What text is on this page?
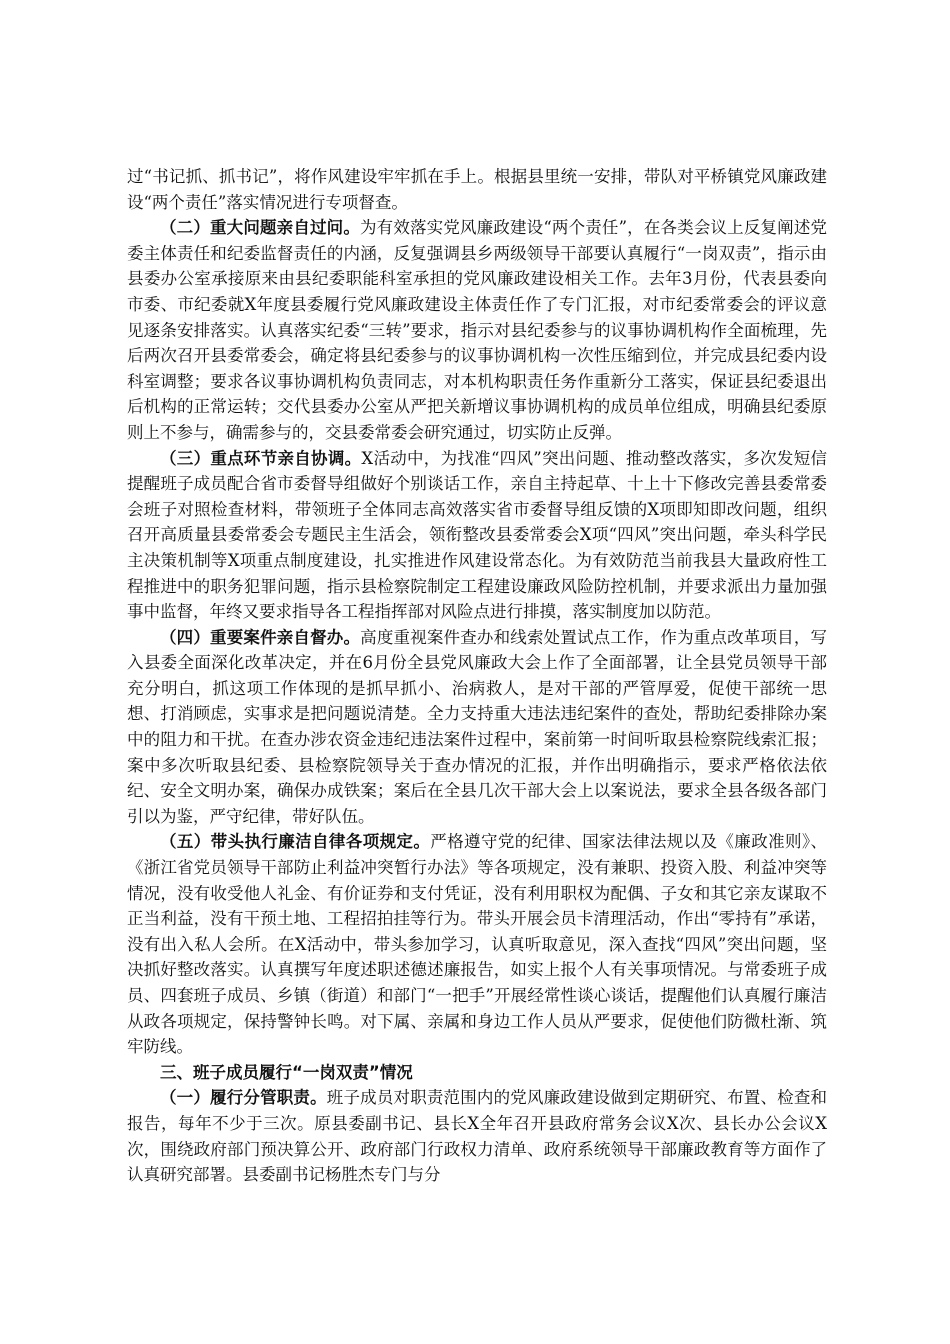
过“书记抓、抓书记”，将作风建设牢牢抓在手上。根据县里统一安排，带队对平桥镇党风廉政建设“两个责任”落实情况进行专项督查。

（二）重大问题亲自过问。为有效落实党风廉政建设“两个责任”，在各类会议上反复阐述党委主体责任和纪委监督责任的内涵，反复强调县乡两级领导干部要认真履行“一岗双责”，指示由县委办公室承接原来由县纪委职能科室承担的党风廉政建设相关工作。去年3月份，代表县委向市委、市纪委就X年度县委履行党风廉政建设主体责任作了专门汇报，对市纪委常委会的评议意见逐条安排落实。认真落实纪委“三转”要求，指示对县纪委参与的议事协调机构作全面梳理，先后两次召开县委常委会，确定将县纪委参与的议事协调机构一次性压缩到位，并完成县纪委内设科室调整；要求各议事协调机构负责同志，对本机构职责任务作重新分工落实，保证县纪委退出后机构的正常运转；交代县委办公室从严把关新增议事协调机构的成员单位组成，明确县纪委原则上不参与，确需参与的，交县委常委会研究通过，切实防止反弹。

（三）重点环节亲自协调。X活动中，为找准“四风”突出问题、推动整改落实，多次发短信提醒班子成员配合省市委督导组做好个别谈话工作，亲自主持起草、十上十下修改完善县委常委会班子对照检查材料，带领班子全体同志高效落实省市委督导组反馈的X项即知即改问题，组织召开高质量县委常委会专题民主生活会，领衔整改县委常委会X项“四风”突出问题，牵头科学民主决策机制等X项重点制度建设，扎实推进作风建设常态化。为有效防范当前我县大量政府性工程推进中的职务犯罪问题，指示县检察院制定工程建设廉政风险防控机制，并要求派出力量加强事中监督，年终又要求指导各工程指挥部对风险点进行排摸，落实制度加以防范。

（四）重要案件亲自督办。高度重视案件查办和线索处置试点工作，作为重点改革项目，写入县委全面深化改革决定，并在6月份全县党风廉政大会上作了全面部署，让全县党员领导干部充分明白，抓这项工作体现的是抓早抓小、治病救人，是对干部的严管厚爱，促使干部统一思想、打消顾虑，实事求是把问题说清楚。全力支持重大违法违纪案件的查处，帮助纪委排除办案中的阻力和干扰。在查办涉农资金违纪违法案件过程中，案前第一时间听取县检察院线索汇报；案中多次听取县纪委、县检察院领导关于查办情况的汇报，并作出明确指示，要求严格依法依纪、安全文明办案，确保办成铁案；案后在全县几次干部大会上以案说法，要求全县各级各部门引以为鉴，严守纪律，带好队伍。

（五）带头执行廉洁自律各项规定。严格遵守党的纪律、国家法律法规以及《廉政准则》、《浙江省党员领导干部防止利益冲突暂行办法》等各项规定，没有兼职、投资入股、利益冲突等情况，没有收受他人礼金、有价证券和支付凭证，没有利用职权为配偶、子女和其它亲友谋取不正当利益，没有干预土地、工程招拍挂等行为。带头开展会员卡清理活动，作出“零持有”承诺，没有出入私人会所。在X活动中，带头参加学习，认真听取意见，深入查找“四风”突出问题，坚决抓好整改落实。认真撰写年度述职述德述廉报告，如实上报个人有关事项情况。与常委班子成员、四套班子成员、乡镇（街道）和部门“一把手”开展经常性谈心谈话，提醒他们认真履行廉洁从政各项规定，保持警钟长鸣。对下属、亲属和身边工作人员从严要求，促使他们防微杜渐、筑牢防线。

三、班子成员履行“一岗双责”情况

（一）履行分管职责。班子成员对职责范围内的党风廉政建设做到定期研究、布置、检查和报告，每年不少于三次。原县委副书记、县长X全年召开县政府常务会议X次、县长办公会议X次，围绕政府部门预决算公开、政府部门行政权力清单、政府系统领导干部廉政教育等方面作了认真研究部署。县委副书记杨胜杰专门与分
